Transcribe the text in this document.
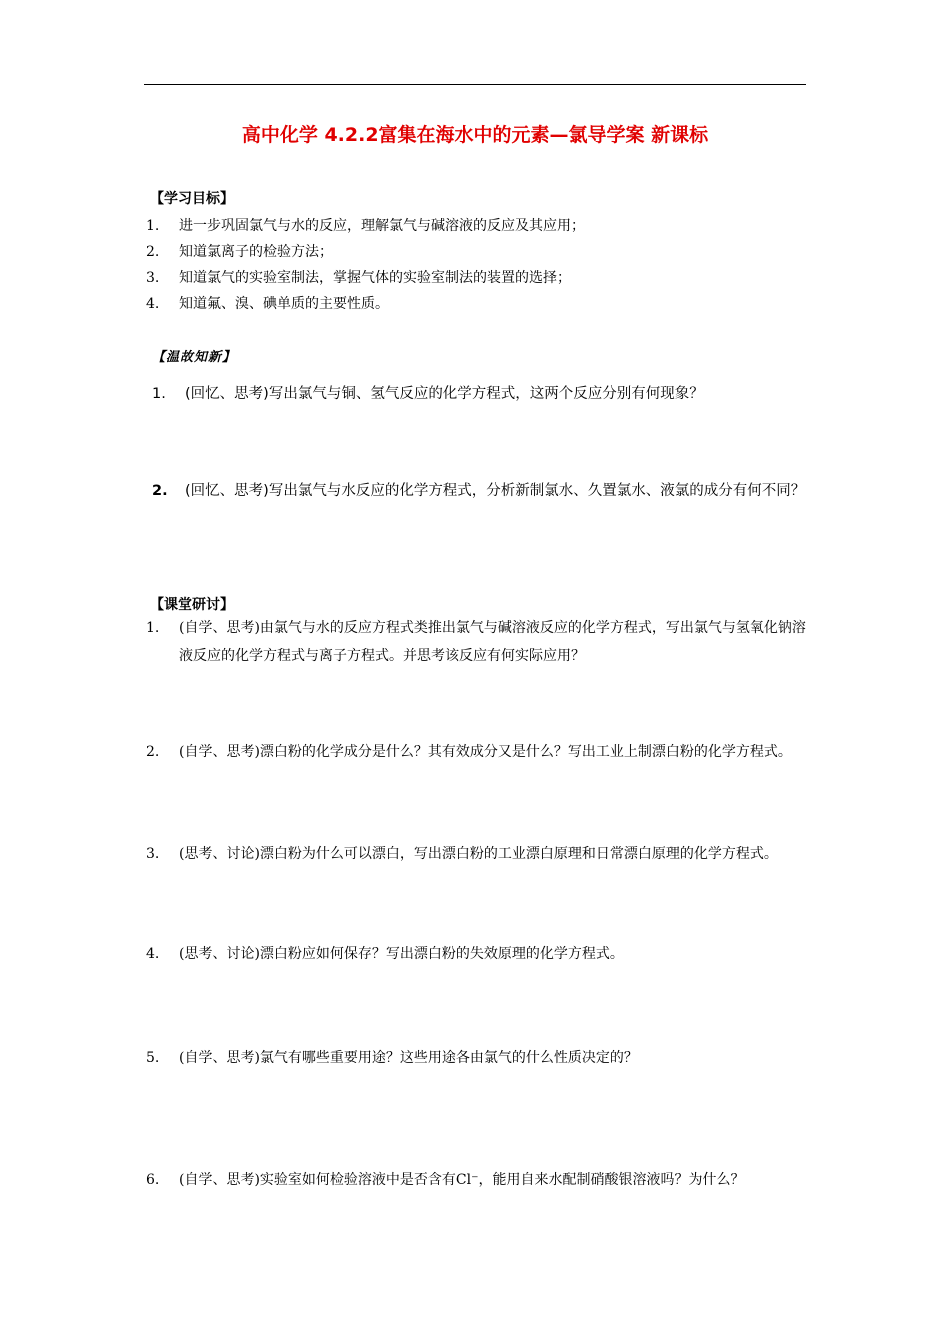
高中化学 4.2.2富集在海水中的元素—氯导学案 新课标
【学习目标】
1. 进一步巩固氯气与水的反应，理解氯气与碱溶液的反应及其应用；
2. 知道氯离子的检验方法；
3. 知道氯气的实验室制法，掌握气体的实验室制法的装置的选择；
4. 知道氟、溴、碘单质的主要性质。
【温故知新】
1. (回忆、思考)写出氯气与铜、氢气反应的化学方程式，这两个反应分别有何现象？
2. (回忆、思考)写出氯气与水反应的化学方程式，分析新制氯水、久置氯水、液氯的成分有何不同？
【课堂研讨】
1. (自学、思考)由氯气与水的反应方程式类推出氯气与碱溶液反应的化学方程式，写出氯气与氢氧化钠溶液反应的化学方程式与离子方程式。并思考该反应有何实际应用？
2. (自学、思考)漂白粉的化学成分是什么？其有效成分又是什么？写出工业上制漂白粉的化学方程式。
3. (思考、讨论)漂白粉为什么可以漂白，写出漂白粉的工业漂白原理和日常漂白原理的化学方程式。
4. (思考、讨论)漂白粉应如何保存？写出漂白粉的失效原理的化学方程式。
5. (自学、思考)氯气有哪些重要用途？这些用途各由氯气的什么性质决定的？
6. (自学、思考)实验室如何检验溶液中是否含有Cl⁻，能用自来水配制硝酸银溶液吗？为什么？
